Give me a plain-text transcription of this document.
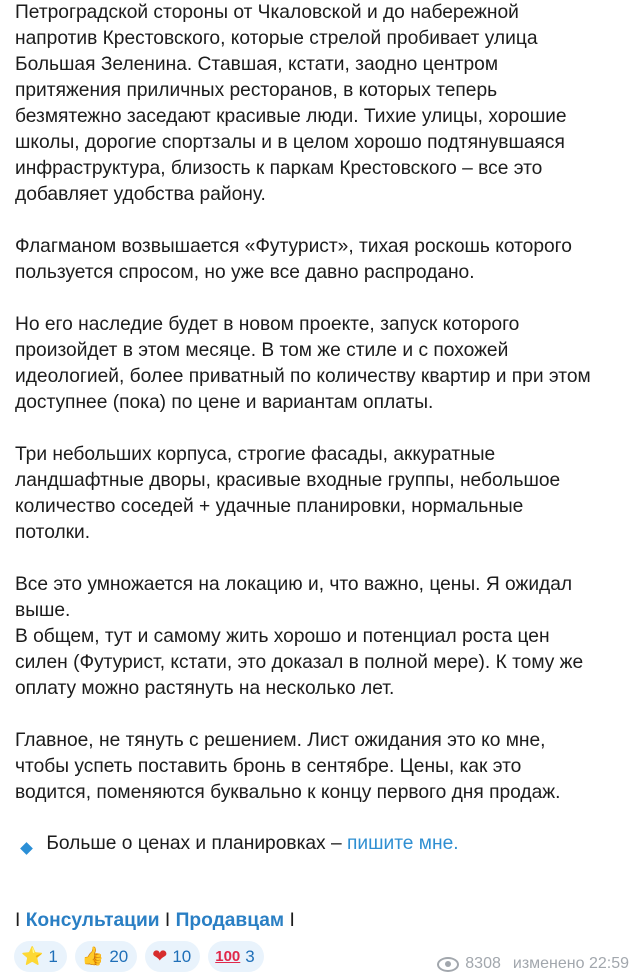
Петроградской стороны от Чкаловской и до набережной
напротив Крестовского, которые стрелой пробивает улица
Большая Зеленина. Ставшая, кстати, заодно центром
притяжения приличных ресторанов, в которых теперь
безмятежно заседают красивые люди. Тихие улицы, хорошие
школы, дорогие спортзалы и в целом хорошо подтянувшаяся
инфраструктура, близость к паркам Крестовского – все это
добавляет удобства району.
Флагманом возвышается «Футурист», тихая роскошь которого
пользуется спросом, но уже все давно распродано.
Но его наследие будет в новом проекте, запуск которого
произойдет в этом месяце. В том же стиле и с похожей
идеологией, более приватный по количеству квартир и при этом
доступнее (пока) по цене и вариантам оплаты.
Три небольших корпуса, строгие фасады, аккуратные
ландшафтные дворы, красивые входные группы, небольшое
количество соседей + удачные планировки, нормальные
потолки.
Все это умножается на локацию и, что важно, цены. Я ожидал
выше.
В общем, тут и самому жить хорошо и потенциал роста цен
силен (Футурист, кстати, это доказал в полной мере). К тому же
оплату можно растянуть на несколько лет.
Главное, не тянуть с решением. Лист ожидания это ко мне,
чтобы успеть поставить бронь в сентябре. Цены, как это
водится, поменяются буквально к концу первого дня продаж.
Больше о ценах и планировках – пишите мне.
I Консультации I Продавцам I
⭐ 1 👍 20 ❤ 10 100 3	8308 изменено 22:59
